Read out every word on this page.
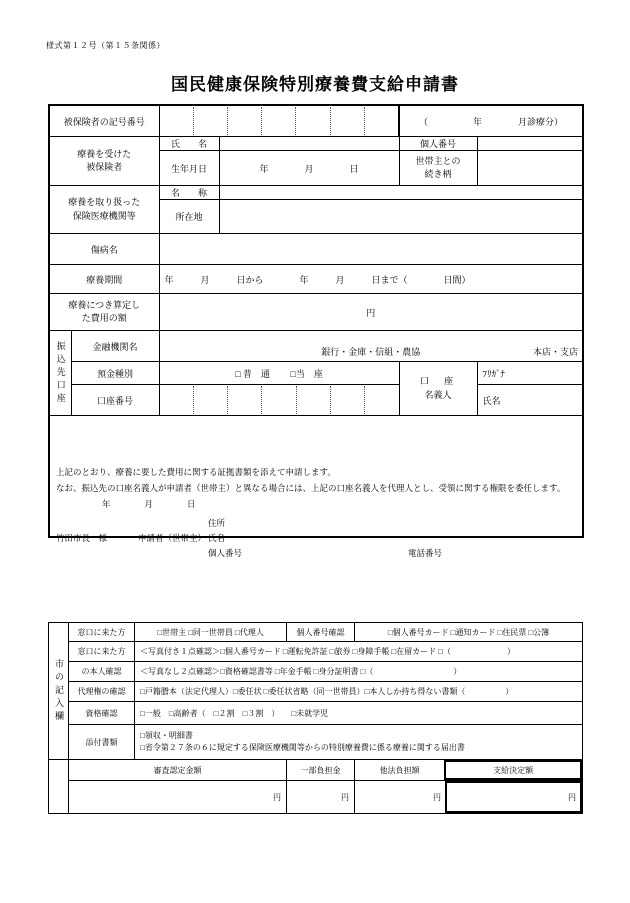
様式第１２号（第１５条関係）
国民健康保険特別療養費支給申請書
被保険者の記号番号				（　　　　　年　　　　月診療分）	

療養を受けた
被保険者		氏　　名		個人番号	
		生年月日	年　　　　月　　　　日	世帯主との
続き柄	

療養を取り扱った
保険医療機関等		名　　称			
		所在地			
傷病名					
療養期間		年　　　月　　　日から　　　　年　　　月　　　日まで（　　　　日間）			

療養につき算定し
た費用の額		円			

振込先口座	金融機関名	銀行・金庫・信組・農協 本店・支店			

	預金種別	□ 普　通 □当　座		口　座
名義人	ﾌﾘｶﾞﾅ
	口座番号				氏名

上記のとおり、療養に要した費用に関する証拠書類を添えて申請します。
なお、振込先の口座名義人が申請者（世帯主）と異なる場合には、上記の口座名義人を代理人とし、受領に関する権限を委任します。
年　　　　月　　　　日
住所
竹田市長　様	申請者（世帯主） 氏名
個人番号	電話番号
市の記入欄
	窓口に来た方	□世帯主 □同一世帯員 □代理人	個人番号確認	□個人番号カード □通知カード □住民票 □公簿
窓口に来た方	＜写真付き１点確認＞□個人番号カード □運転免許証 □旅券 □身障手帳 □在留カード □（　　　　　　　）
の本人確認	＜写真なし２点確認＞□資格確認書等 □年金手帳 □身分証明書 □（　　　　　　　　　　）
代理権の確認	□戸籍謄本（法定代理人）□委任状 □委任状省略（同一世帯員）□本人しか持ち得ない書類（　　　　　）
資格確認	□一般　□高齢者（　□２割　□３割　）　　□未就学児
添付書類	
□領収・明細書
□省令第２７条の６に規定する保険医療機関等からの特別療養費に係る療養に関する届出書

	審査認定金額	一部負担金		他法負担額	支給決定額

	円	円		円	円
